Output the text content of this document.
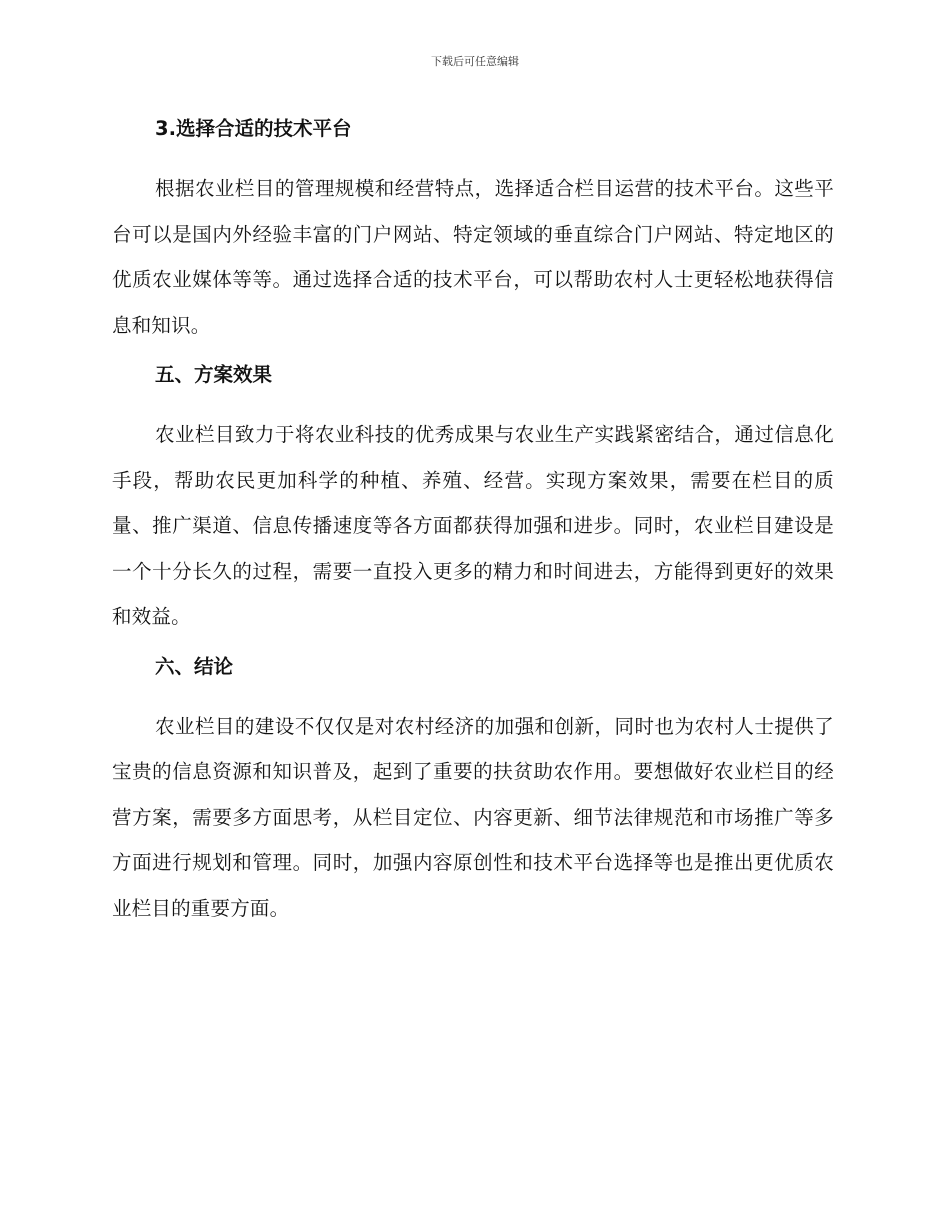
下载后可任意编辑
3.选择合适的技术平台

根据农业栏目的管理规模和经营特点，选择适合栏目运营的技术平台。这些平台可以是国内外经验丰富的门户网站、特定领域的垂直综合门户网站、特定地区的优质农业媒体等等。通过选择合适的技术平台，可以帮助农村人士更轻松地获得信息和知识。

五、方案效果

农业栏目致力于将农业科技的优秀成果与农业生产实践紧密结合，通过信息化手段，帮助农民更加科学的种植、养殖、经营。实现方案效果，需要在栏目的质量、推广渠道、信息传播速度等各方面都获得加强和进步。同时，农业栏目建设是一个十分长久的过程，需要一直投入更多的精力和时间进去，方能得到更好的效果和效益。

六、结论

农业栏目的建设不仅仅是对农村经济的加强和创新，同时也为农村人士提供了宝贵的信息资源和知识普及，起到了重要的扶贫助农作用。要想做好农业栏目的经营方案，需要多方面思考，从栏目定位、内容更新、细节法律规范和市场推广等多方面进行规划和管理。同时，加强内容原创性和技术平台选择等也是推出更优质农业栏目的重要方面。
